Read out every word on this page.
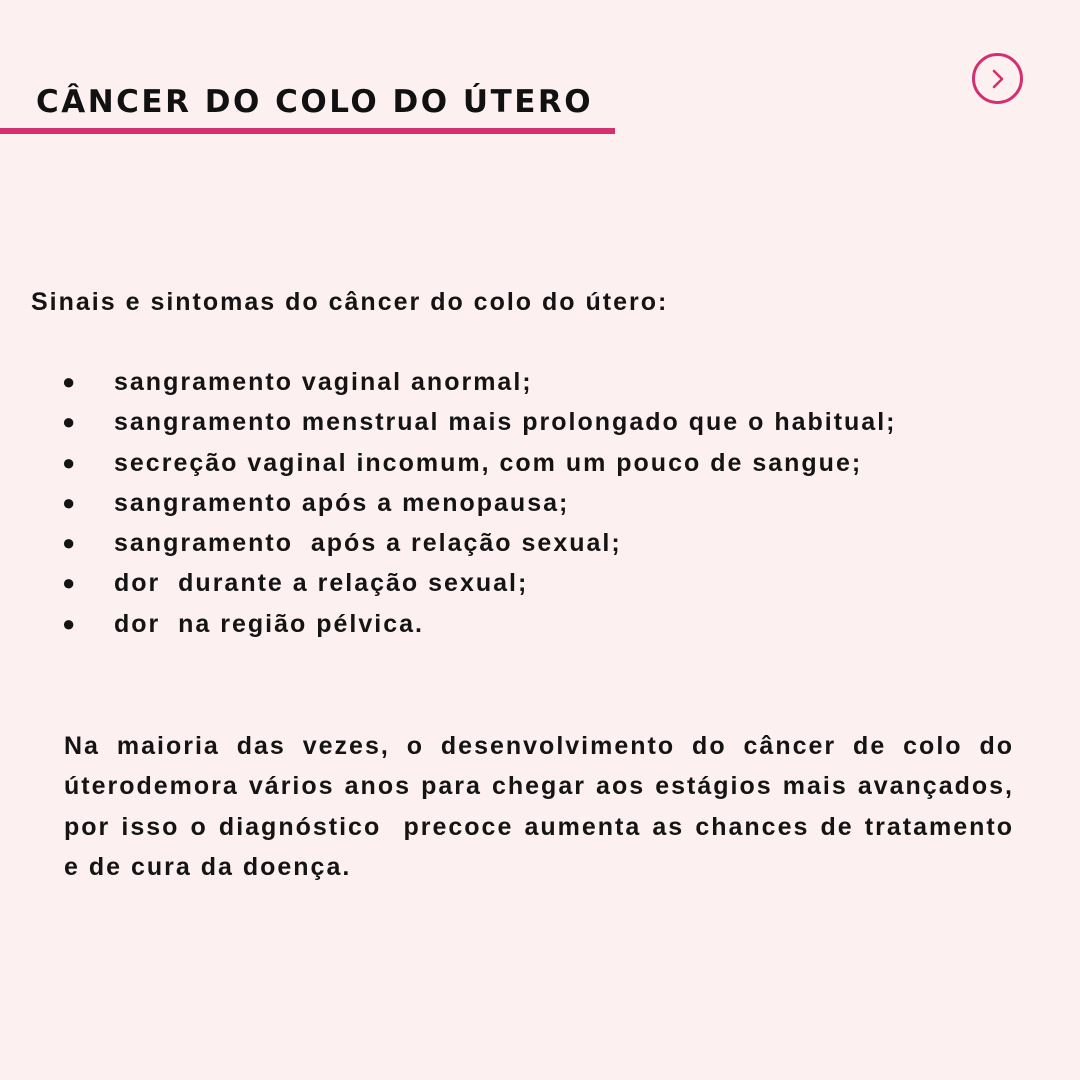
CÂNCER DO COLO DO ÚTERO

Sinais e sintomas do câncer do colo do útero:

●

sangramento vaginal anormal;

●

sangramento menstrual mais prolongado que o habitual;

●

secreção vaginal incomum, com um pouco de sangue;

●

sangramento após a menopausa;

●

sangramento  após a relação sexual;

●

dor  durante a relação sexual;

●

dor  na região pélvica.

Na maioria das vezes, o desenvolvimento do câncer de colo do úterodemora vários anos para chegar aos estágios mais avançados, por isso o diagnóstico  precoce aumenta as chances de tratamento  e de cura da doença.
